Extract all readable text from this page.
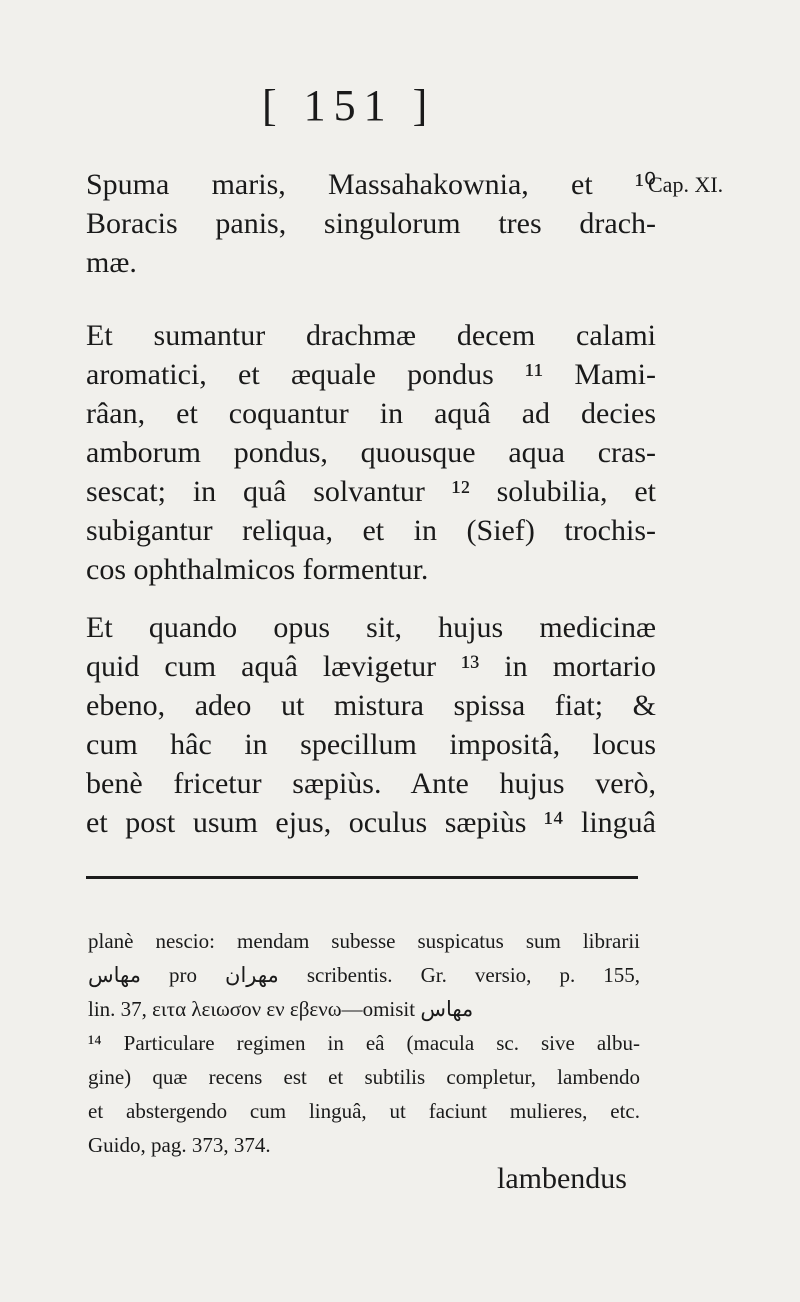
[ 151 ]
Cap. XI.
Spuma maris, Massahakownia, et ¹⁰
Boracis panis, singulorum tres drach-
mæ.
Et sumantur drachmæ decem calami
aromatici, et æquale pondus ¹¹ Mami-
râan, et coquantur in aquâ ad decies
amborum pondus, quousque aqua cras-
sescat; in quâ solvantur ¹² solubilia, et
subigantur reliqua, et in (Sief) trochis-
cos ophthalmicos formentur.
Et quando opus sit, hujus medicinæ
quid cum aquâ lævigetur ¹³ in mortario
ebeno, adeo ut mistura spissa fiat; &
cum hâc in specillum impositâ, locus
benè fricetur sæpiùs. Ante hujus verò,
et post usum ejus, oculus sæpiùs ¹⁴ linguâ
planè nescio: mendam subesse suspicatus sum librarii
مهاس pro مهران scribentis. Gr. versio, p. 155,
lin. 37, ειτα λειωσον εν εβενω—omisit مهاس
¹⁴ Particulare regimen in eâ (macula sc. sive albu-
gine) quæ recens est et subtilis completur, lambendo
et abstergendo cum linguâ, ut faciunt mulieres, etc.
Guido, pag. 373, 374.
lambendus
